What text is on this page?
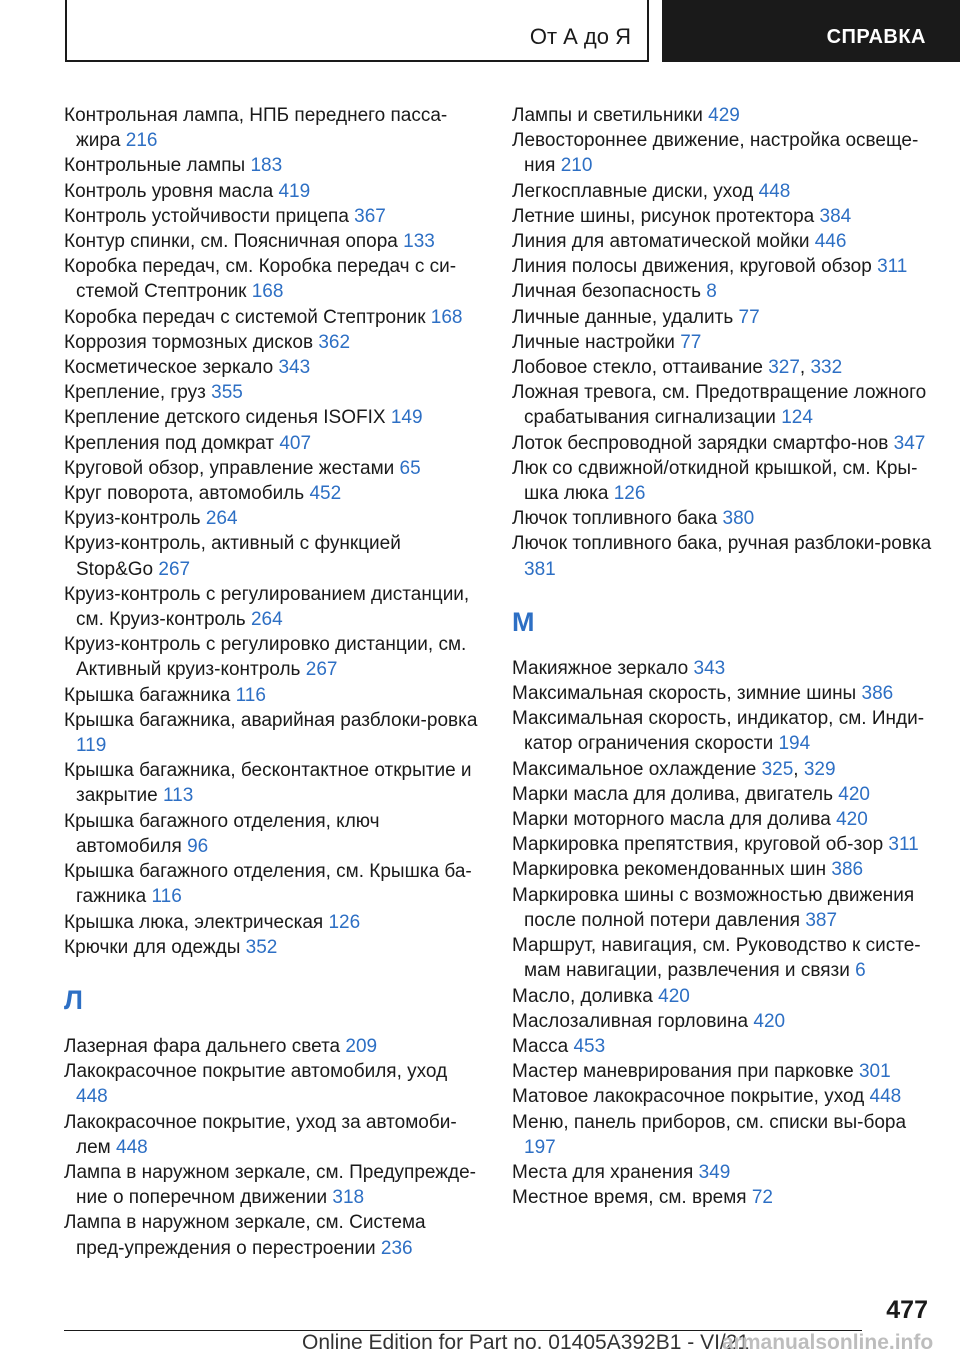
От А до Я	СПРАВКА
Контрольная лампа, НПБ переднего пасса-жира 216
Контрольные лампы 183
Контроль уровня масла 419
Контроль устойчивости прицепа 367
Контур спинки, см. Поясничная опора 133
Коробка передач, см. Коробка передач с си-стемой Стептроник 168
Коробка передач с системой Стептроник 168
Коррозия тормозных дисков 362
Косметическое зеркало 343
Крепление, груз 355
Крепление детского сиденья ISOFIX 149
Крепления под домкрат 407
Круговой обзор, управление жестами 65
Круг поворота, автомобиль 452
Круиз-контроль 264
Круиз-контроль, активный с функцией Stop&Go 267
Круиз-контроль с регулированием дистанции, см. Круиз-контроль 264
Круиз-контроль с регулировко дистанции, см. Активный круиз-контроль 267
Крышка багажника 116
Крышка багажника, аварийная разблоки-ровка 119
Крышка багажника, бесконтактное открытие и закрытие 113
Крышка багажного отделения, ключ автомобиля 96
Крышка багажного отделения, см. Крышка ба-гажника 116
Крышка люка, электрическая 126
Крючки для одежды 352
Л
Лазерная фара дальнего света 209
Лакокрасочное покрытие автомобиля, уход 448
Лакокрасочное покрытие, уход за автомоби-лем 448
Лампа в наружном зеркале, см. Предупрежде-ние о поперечном движении 318
Лампа в наружном зеркале, см. Система пред-упреждения о перестроении 236
Лампы и светильники 429
Левостороннее движение, настройка освеще-ния 210
Легкосплавные диски, уход 448
Летние шины, рисунок протектора 384
Линия для автоматической мойки 446
Линия полосы движения, круговой обзор 311
Личная безопасность 8
Личные данные, удалить 77
Личные настройки 77
Лобовое стекло, оттаивание 327, 332
Ложная тревога, см. Предотвращение ложного срабатывания сигнализации 124
Лоток беспроводной зарядки смартфо-нов 347
Люк со сдвижной/откидной крышкой, см. Кры-шка люка 126
Лючок топливного бака 380
Лючок топливного бака, ручная разблоки-ровка 381
М
Макияжное зеркало 343
Максимальная скорость, зимние шины 386
Максимальная скорость, индикатор, см. Инди-катор ограничения скорости 194
Максимальное охлаждение 325, 329
Марки масла для долива, двигатель 420
Марки моторного масла для долива 420
Маркировка препятствия, круговой об-зор 311
Маркировка рекомендованных шин 386
Маркировка шины с возможностью движения после полной потери давления 387
Маршрут, навигация, см. Руководство к систе-мам навигации, развлечения и связи 6
Масло, доливка 420
Маслозаливная горловина 420
Масса 453
Мастер маневрирования при парковке 301
Матовое лакокрасочное покрытие, уход 448
Меню, панель приборов, см. списки вы-бора 197
Места для хранения 349
Местное время, см. время 72
477
Online Edition for Part no. 01405A392B1 - VI/21
armanualsonline.info
